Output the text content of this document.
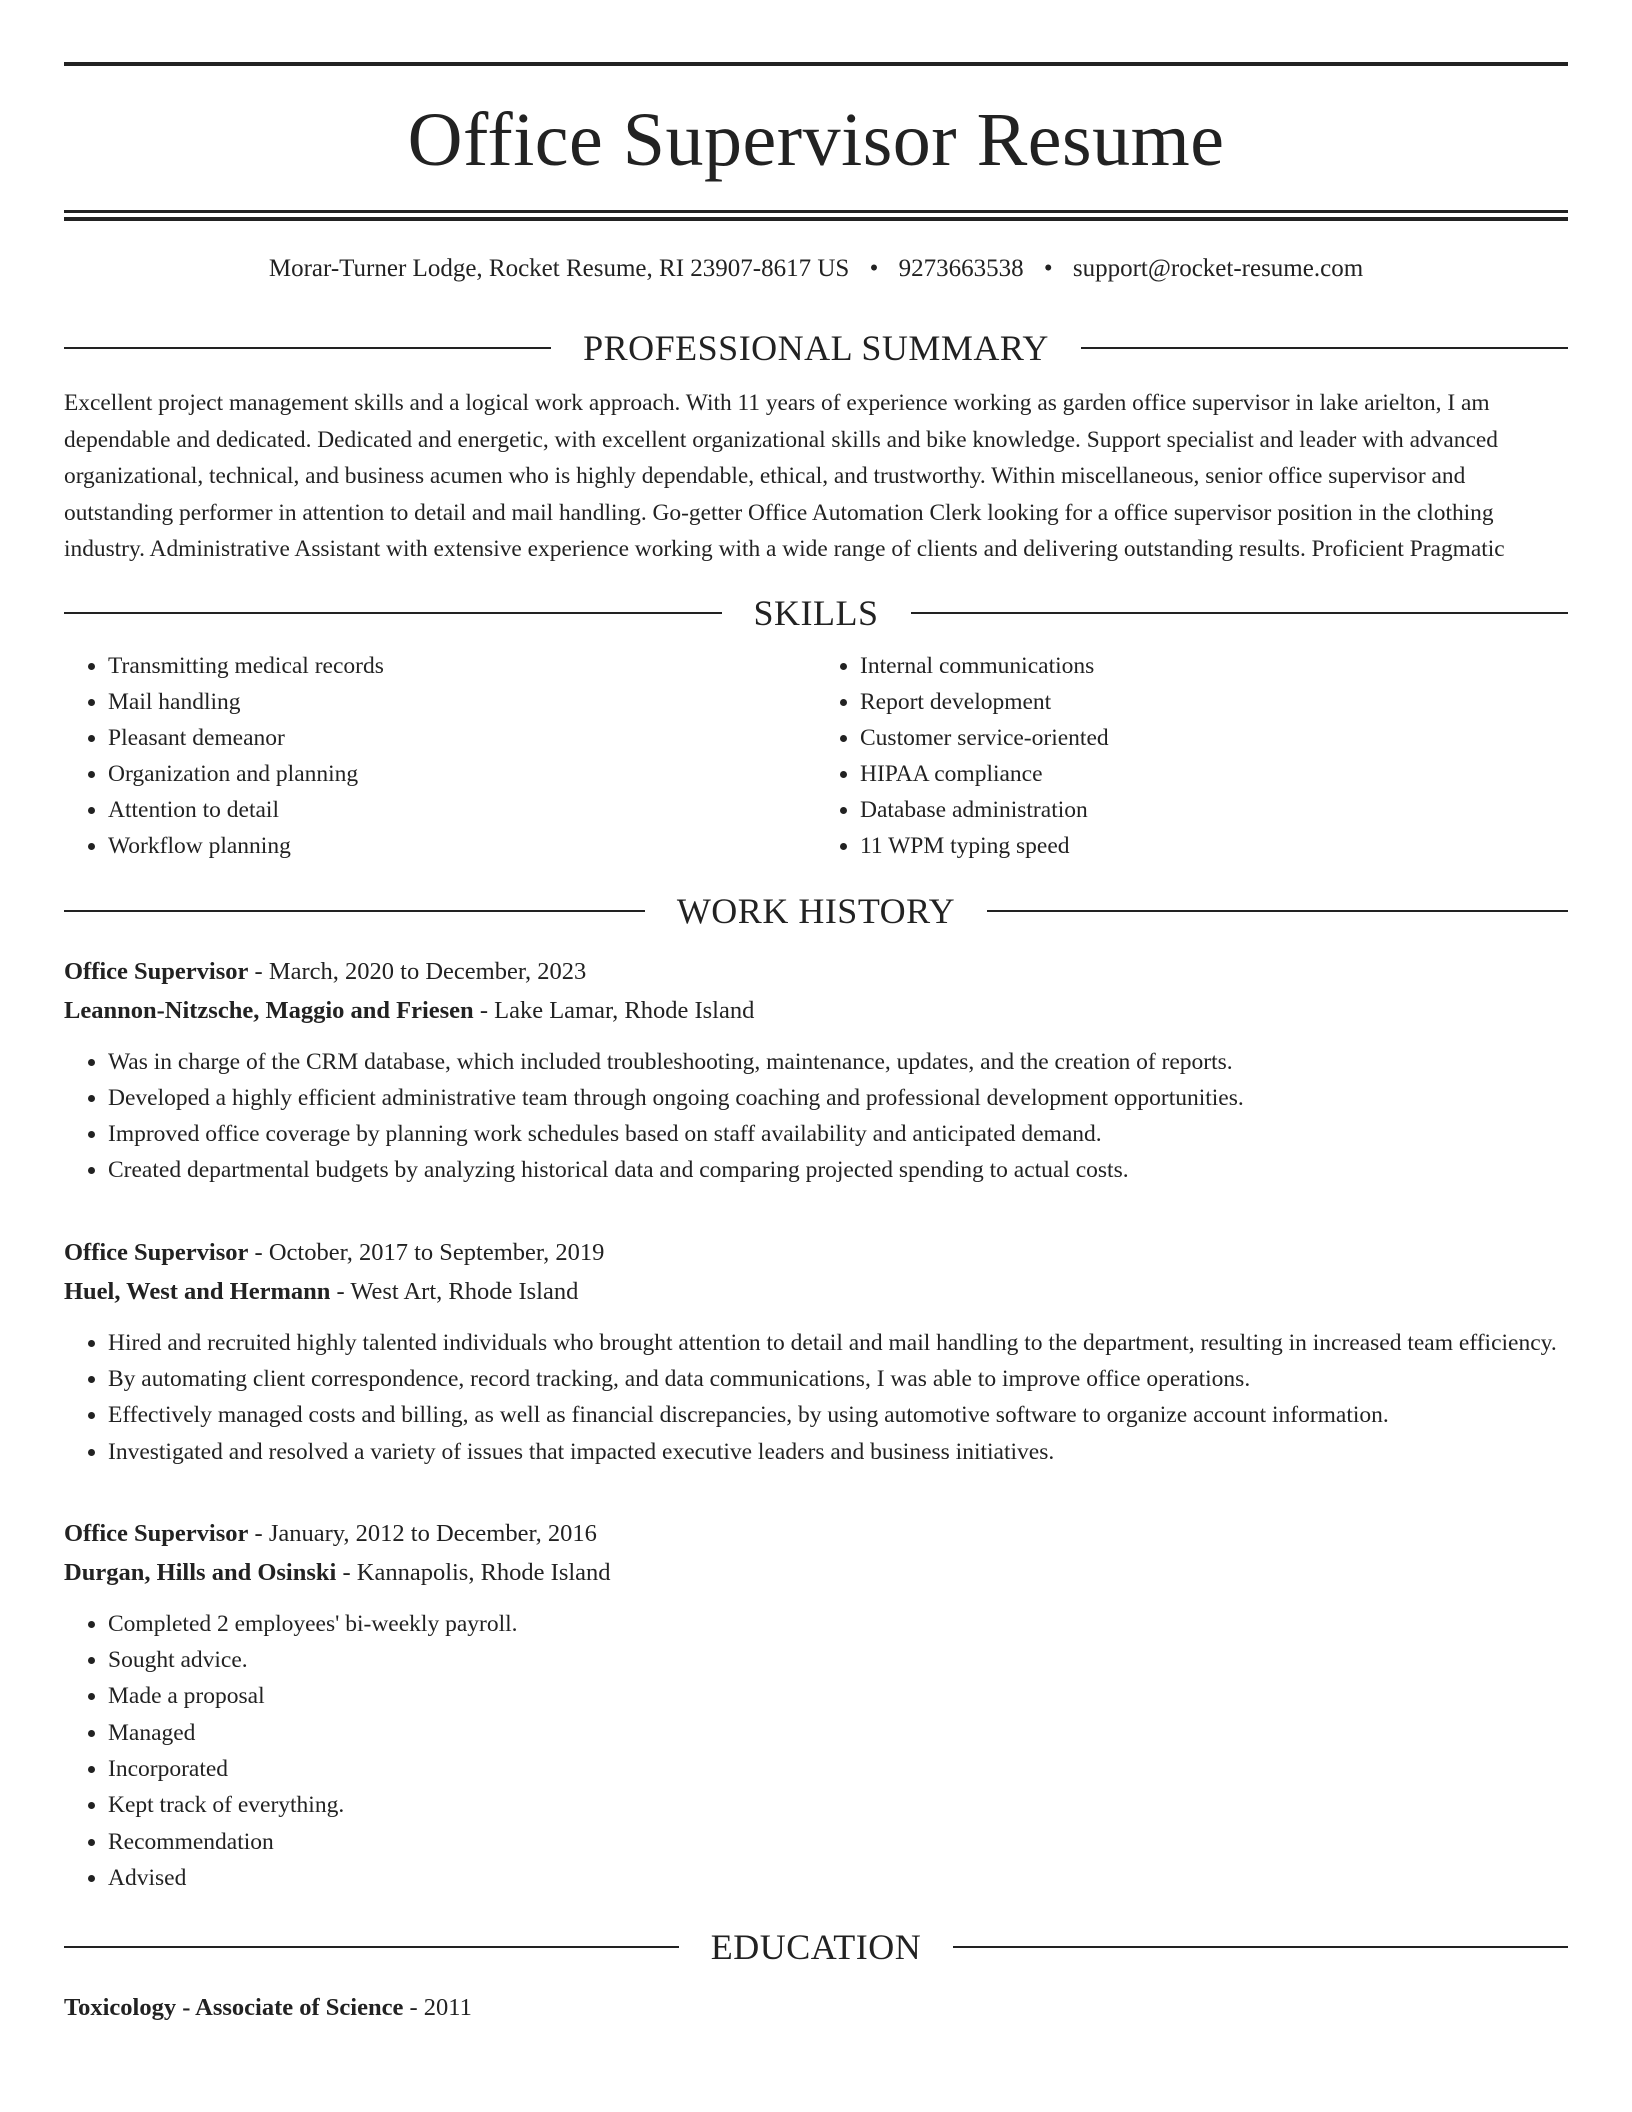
Office Supervisor Resume
Morar-Turner Lodge, Rocket Resume, RI 23907-8617 US • 9273663538 • support@rocket-resume.com
PROFESSIONAL SUMMARY

Excellent project management skills and a logical work approach. With 11 years of experience working as garden office supervisor in lake arielton, I am dependable and dedicated. Dedicated and energetic, with excellent organizational skills and bike knowledge. Support specialist and leader with advanced organizational, technical, and business acumen who is highly dependable, ethical, and trustworthy. Within miscellaneous, senior office supervisor and outstanding performer in attention to detail and mail handling. Go-getter Office Automation Clerk looking for a office supervisor position in the clothing industry. Administrative Assistant with extensive experience working with a wide range of clients and delivering outstanding results. Proficient Pragmatic

SKILLS
• Transmitting medical records
• Mail handling
• Pleasant demeanor
• Organization and planning
• Attention to detail
• Workflow planning
• Internal communications
• Report development
• Customer service-oriented
• HIPAA compliance
• Database administration
• 11 WPM typing speed
WORK HISTORY
Office Supervisor - March, 2020 to December, 2023
Leannon-Nitzsche, Maggio and Friesen - Lake Lamar, Rhode Island
• Was in charge of the CRM database, which included troubleshooting, maintenance, updates, and the creation of reports.
• Developed a highly efficient administrative team through ongoing coaching and professional development opportunities.
• Improved office coverage by planning work schedules based on staff availability and anticipated demand.
• Created departmental budgets by analyzing historical data and comparing projected spending to actual costs.
Office Supervisor - October, 2017 to September, 2019
Huel, West and Hermann - West Art, Rhode Island
• Hired and recruited highly talented individuals who brought attention to detail and mail handling to the department, resulting in increased team efficiency.
• By automating client correspondence, record tracking, and data communications, I was able to improve office operations.
• Effectively managed costs and billing, as well as financial discrepancies, by using automotive software to organize account information.
• Investigated and resolved a variety of issues that impacted executive leaders and business initiatives.
Office Supervisor - January, 2012 to December, 2016
Durgan, Hills and Osinski - Kannapolis, Rhode Island
• Completed 2 employees' bi-weekly payroll.
• Sought advice.
• Made a proposal
• Managed
• Incorporated
• Kept track of everything.
• Recommendation
• Advised
EDUCATION
Toxicology - Associate of Science - 2011
